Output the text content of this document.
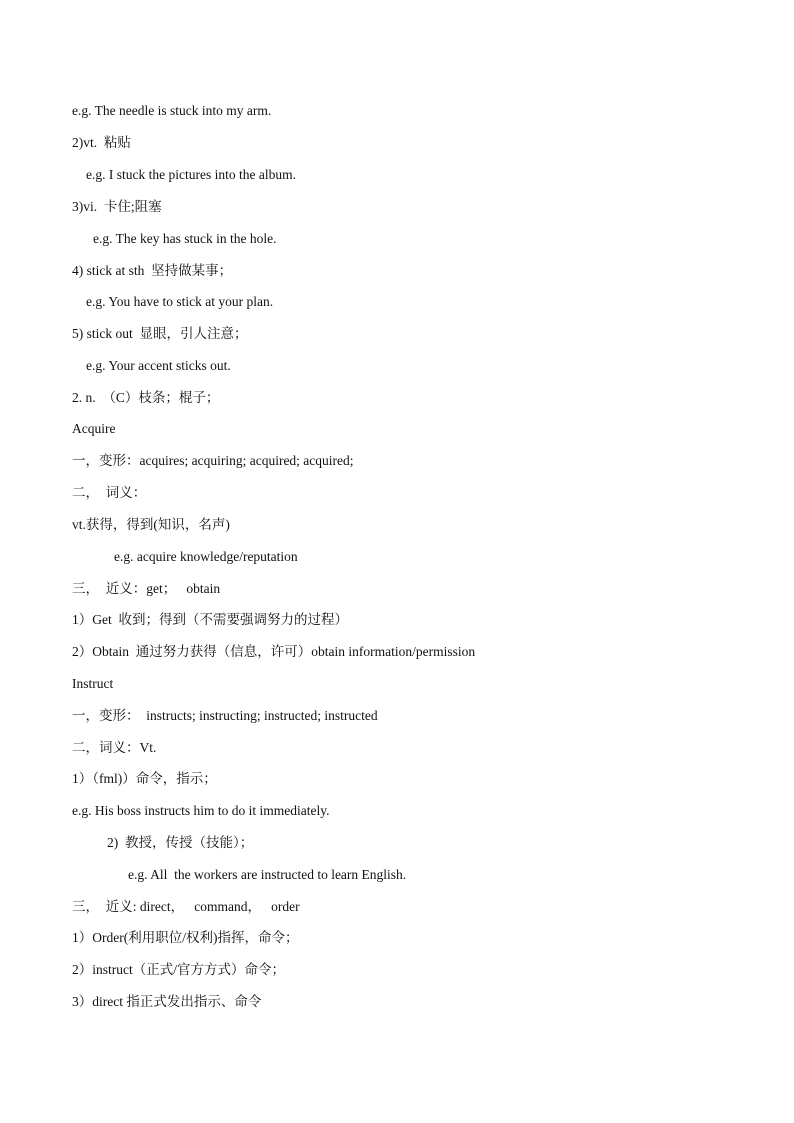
e.g. The needle is stuck into my arm.
2)vt.  粘贴
e.g. I stuck the pictures into the album.
3)vi.  卡住;阻塞
e.g. The key has stuck in the hole.
4) stick at sth  坚持做某事；
e.g. You have to stick at your plan.
5) stick out  显眼，引人注意；
e.g. Your accent sticks out.
2. n.  （C）枝条；棍子；
Acquire
一，变形：acquires; acquiring; acquired; acquired;
二，  词义：
vt.获得，得到(知识，名声)
e.g. acquire knowledge/reputation
三，  近义：get；   obtain
1）Get  收到；得到（不需要强调努力的过程）
2）Obtain  通过努力获得（信息，许可）obtain information/permission
Instruct
一，变形：  instructs; instructing; instructed; instructed
二，词义：Vt.
1）（fml)）命令，指示；
e.g. His boss instructs him to do it immediately.
2)  教授，传授（技能）；
e.g. All  the workers are instructed to learn English.
三，  近义: direct，   command，   order
1）Order(利用职位/权利)指挥，命令；
2）instruct（正式/官方方式）命令；
3）direct 指正式发出指示、命令
